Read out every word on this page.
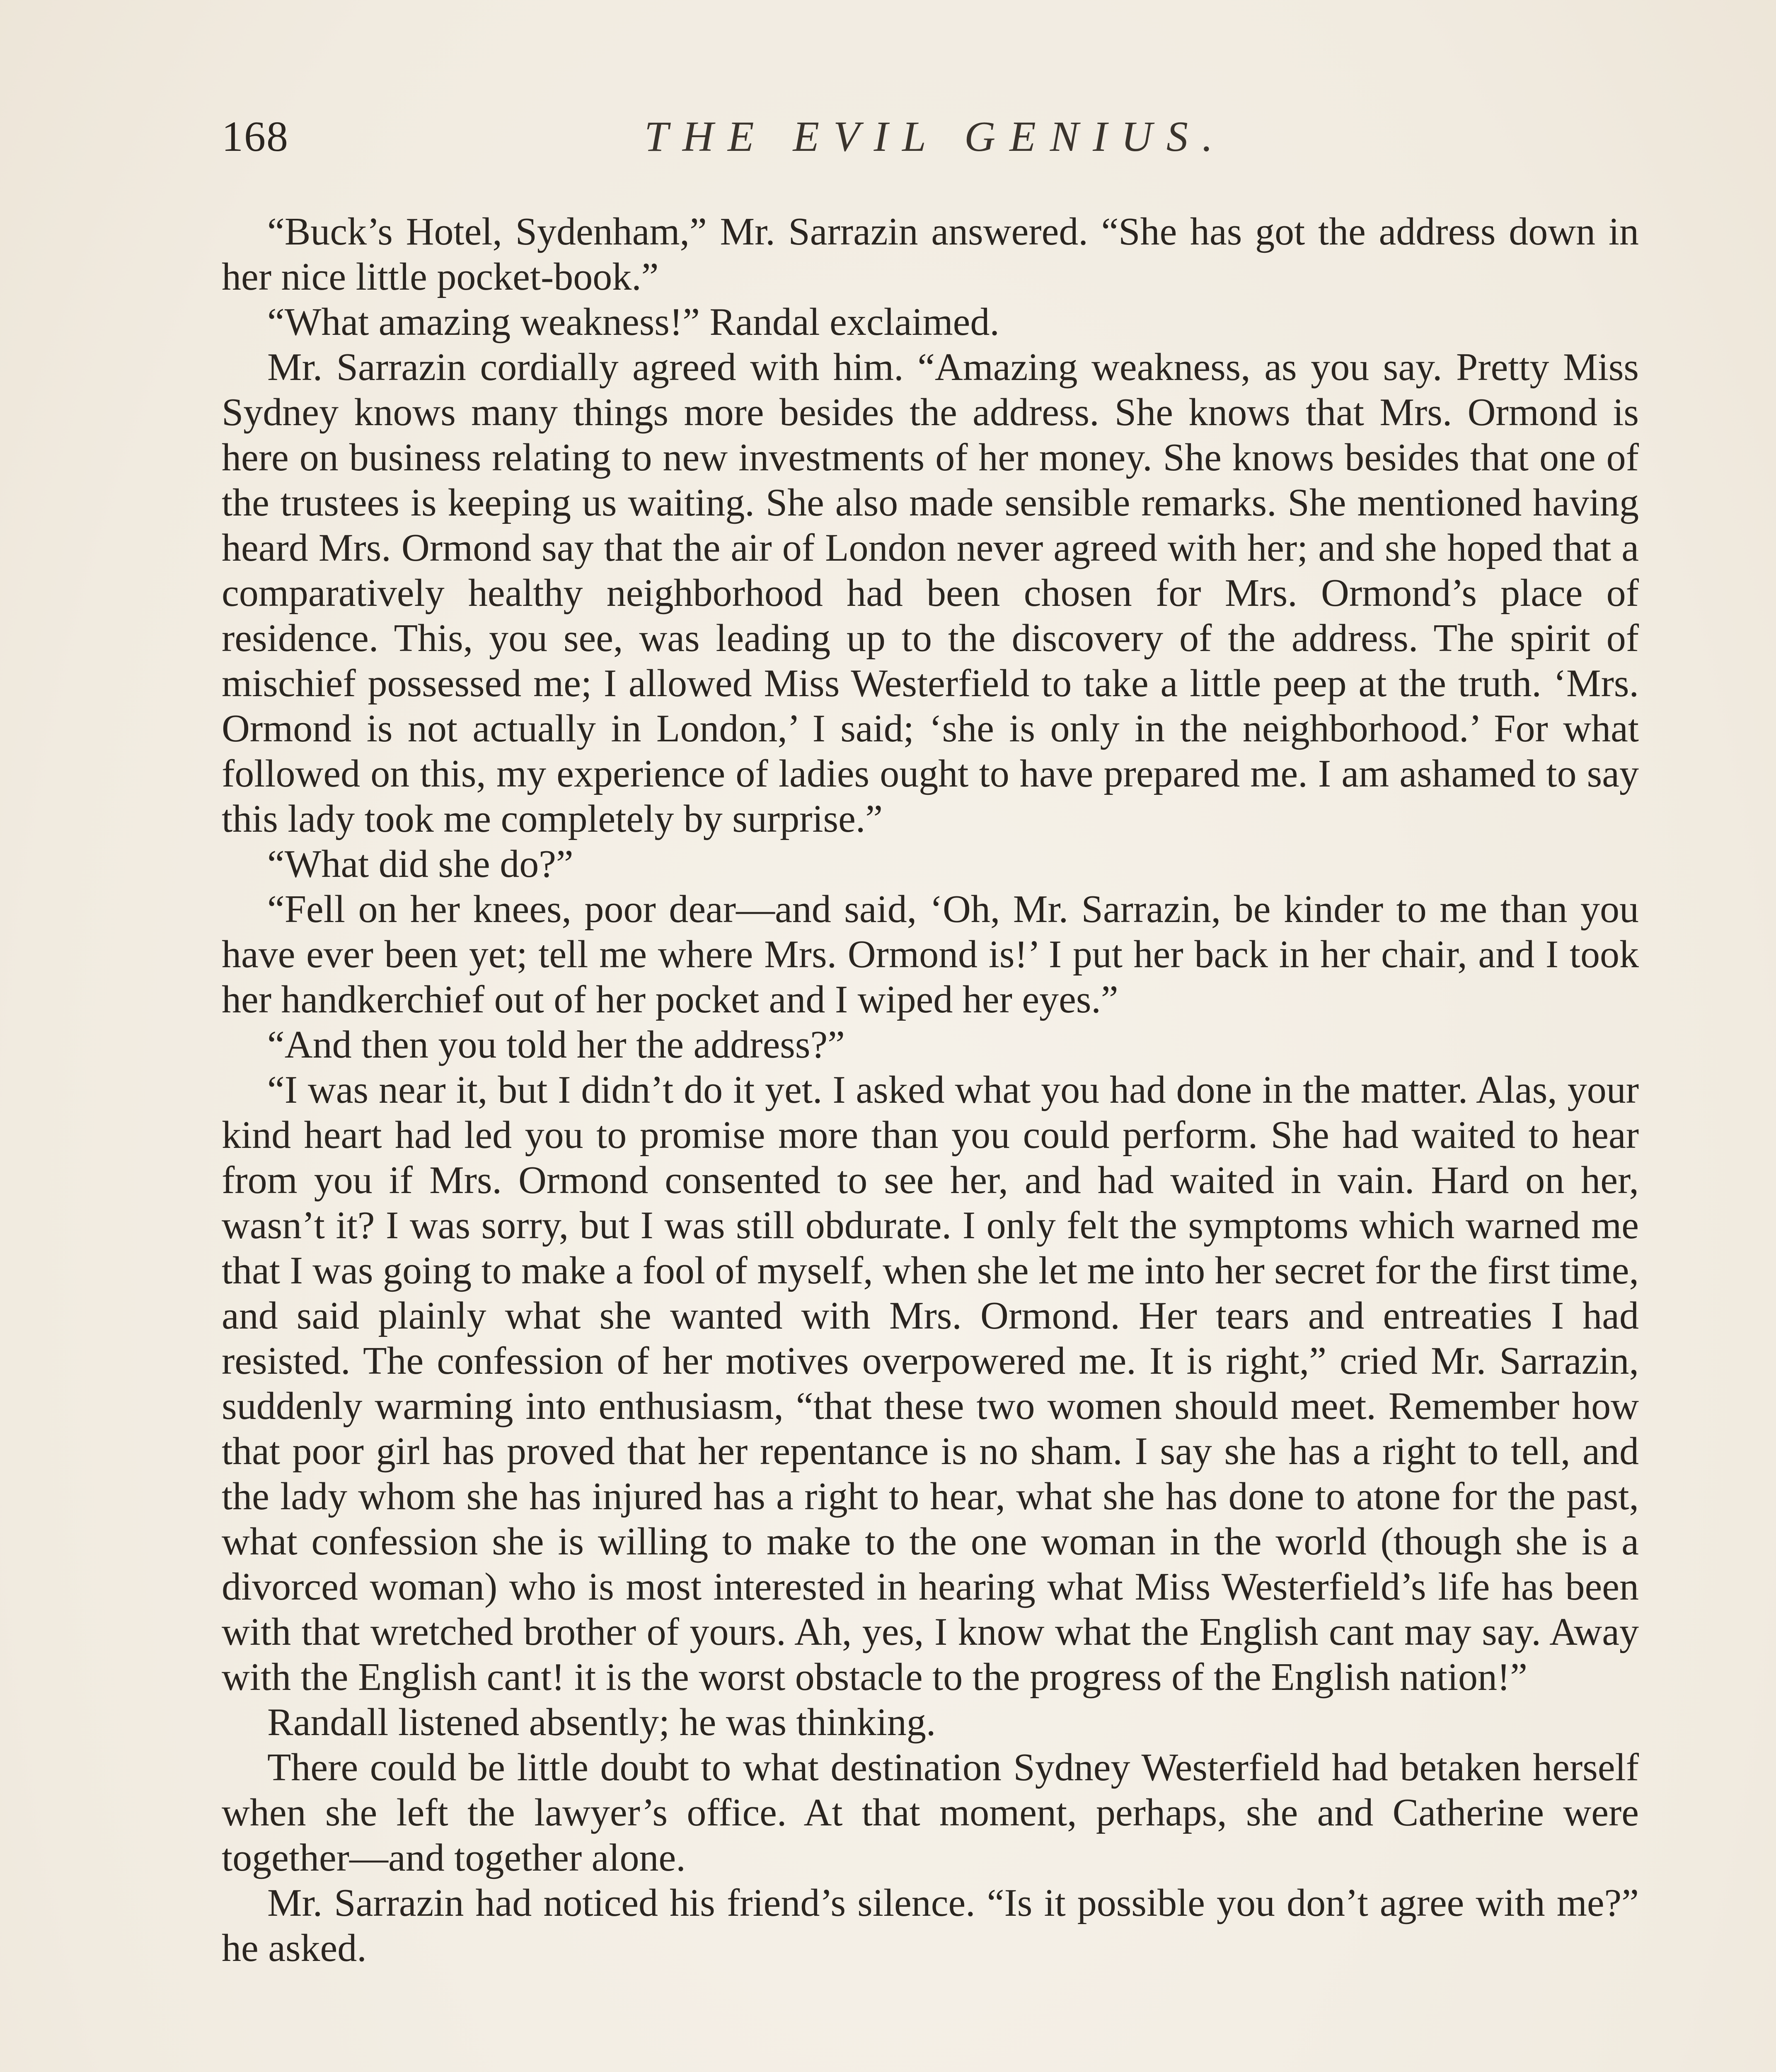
168	THE EVIL GENIUS.

“Buck’s Hotel, Sydenham,” Mr. Sarrazin answered. “She has got the address down in her nice little pocket-book.”

“What amazing weakness!” Randal exclaimed.

Mr. Sarrazin cordially agreed with him. “Amazing weakness, as you say. Pretty Miss Sydney knows many things more besides the address. She knows that Mrs. Ormond is here on business relating to new investments of her money. She knows besides that one of the trustees is keeping us waiting. She also made sensible remarks. She mentioned having heard Mrs. Ormond say that the air of London never agreed with her; and she hoped that a comparatively healthy neighborhood had been chosen for Mrs. Ormond’s place of residence. This, you see, was leading up to the discovery of the address. The spirit of mischief possessed me; I allowed Miss Westerfield to take a little peep at the truth. ‘Mrs. Ormond is not actually in London,’ I said; ‘she is only in the neighborhood.’ For what followed on this, my experience of ladies ought to have prepared me. I am ashamed to say this lady took me completely by surprise.”

“What did she do?”

“Fell on her knees, poor dear—and said, ‘Oh, Mr. Sarrazin, be kinder to me than you have ever been yet; tell me where Mrs. Ormond is!’ I put her back in her chair, and I took her handkerchief out of her pocket and I wiped her eyes.”

“And then you told her the address?”

“I was near it, but I didn’t do it yet. I asked what you had done in the matter. Alas, your kind heart had led you to promise more than you could perform. She had waited to hear from you if Mrs. Ormond consented to see her, and had waited in vain. Hard on her, wasn’t it? I was sorry, but I was still obdurate. I only felt the symptoms which warned me that I was going to make a fool of myself, when she let me into her secret for the first time, and said plainly what she wanted with Mrs. Ormond. Her tears and entreaties I had resisted. The confession of her motives overpowered me. It is right,” cried Mr. Sarrazin, suddenly warming into enthusiasm, “that these two women should meet. Remember how that poor girl has proved that her repentance is no sham. I say she has a right to tell, and the lady whom she has injured has a right to hear, what she has done to atone for the past, what confession she is willing to make to the one woman in the world (though she is a divorced woman) who is most interested in hearing what Miss Westerfield’s life has been with that wretched brother of yours. Ah, yes, I know what the English cant may say. Away with the English cant! it is the worst obstacle to the progress of the English nation!”

Randall listened absently; he was thinking.

There could be little doubt to what destination Sydney Westerfield had betaken herself when she left the lawyer’s office. At that moment, perhaps, she and Catherine were together—and together alone.

Mr. Sarrazin had noticed his friend’s silence. “Is it possible you don’t agree with me?” he asked.
